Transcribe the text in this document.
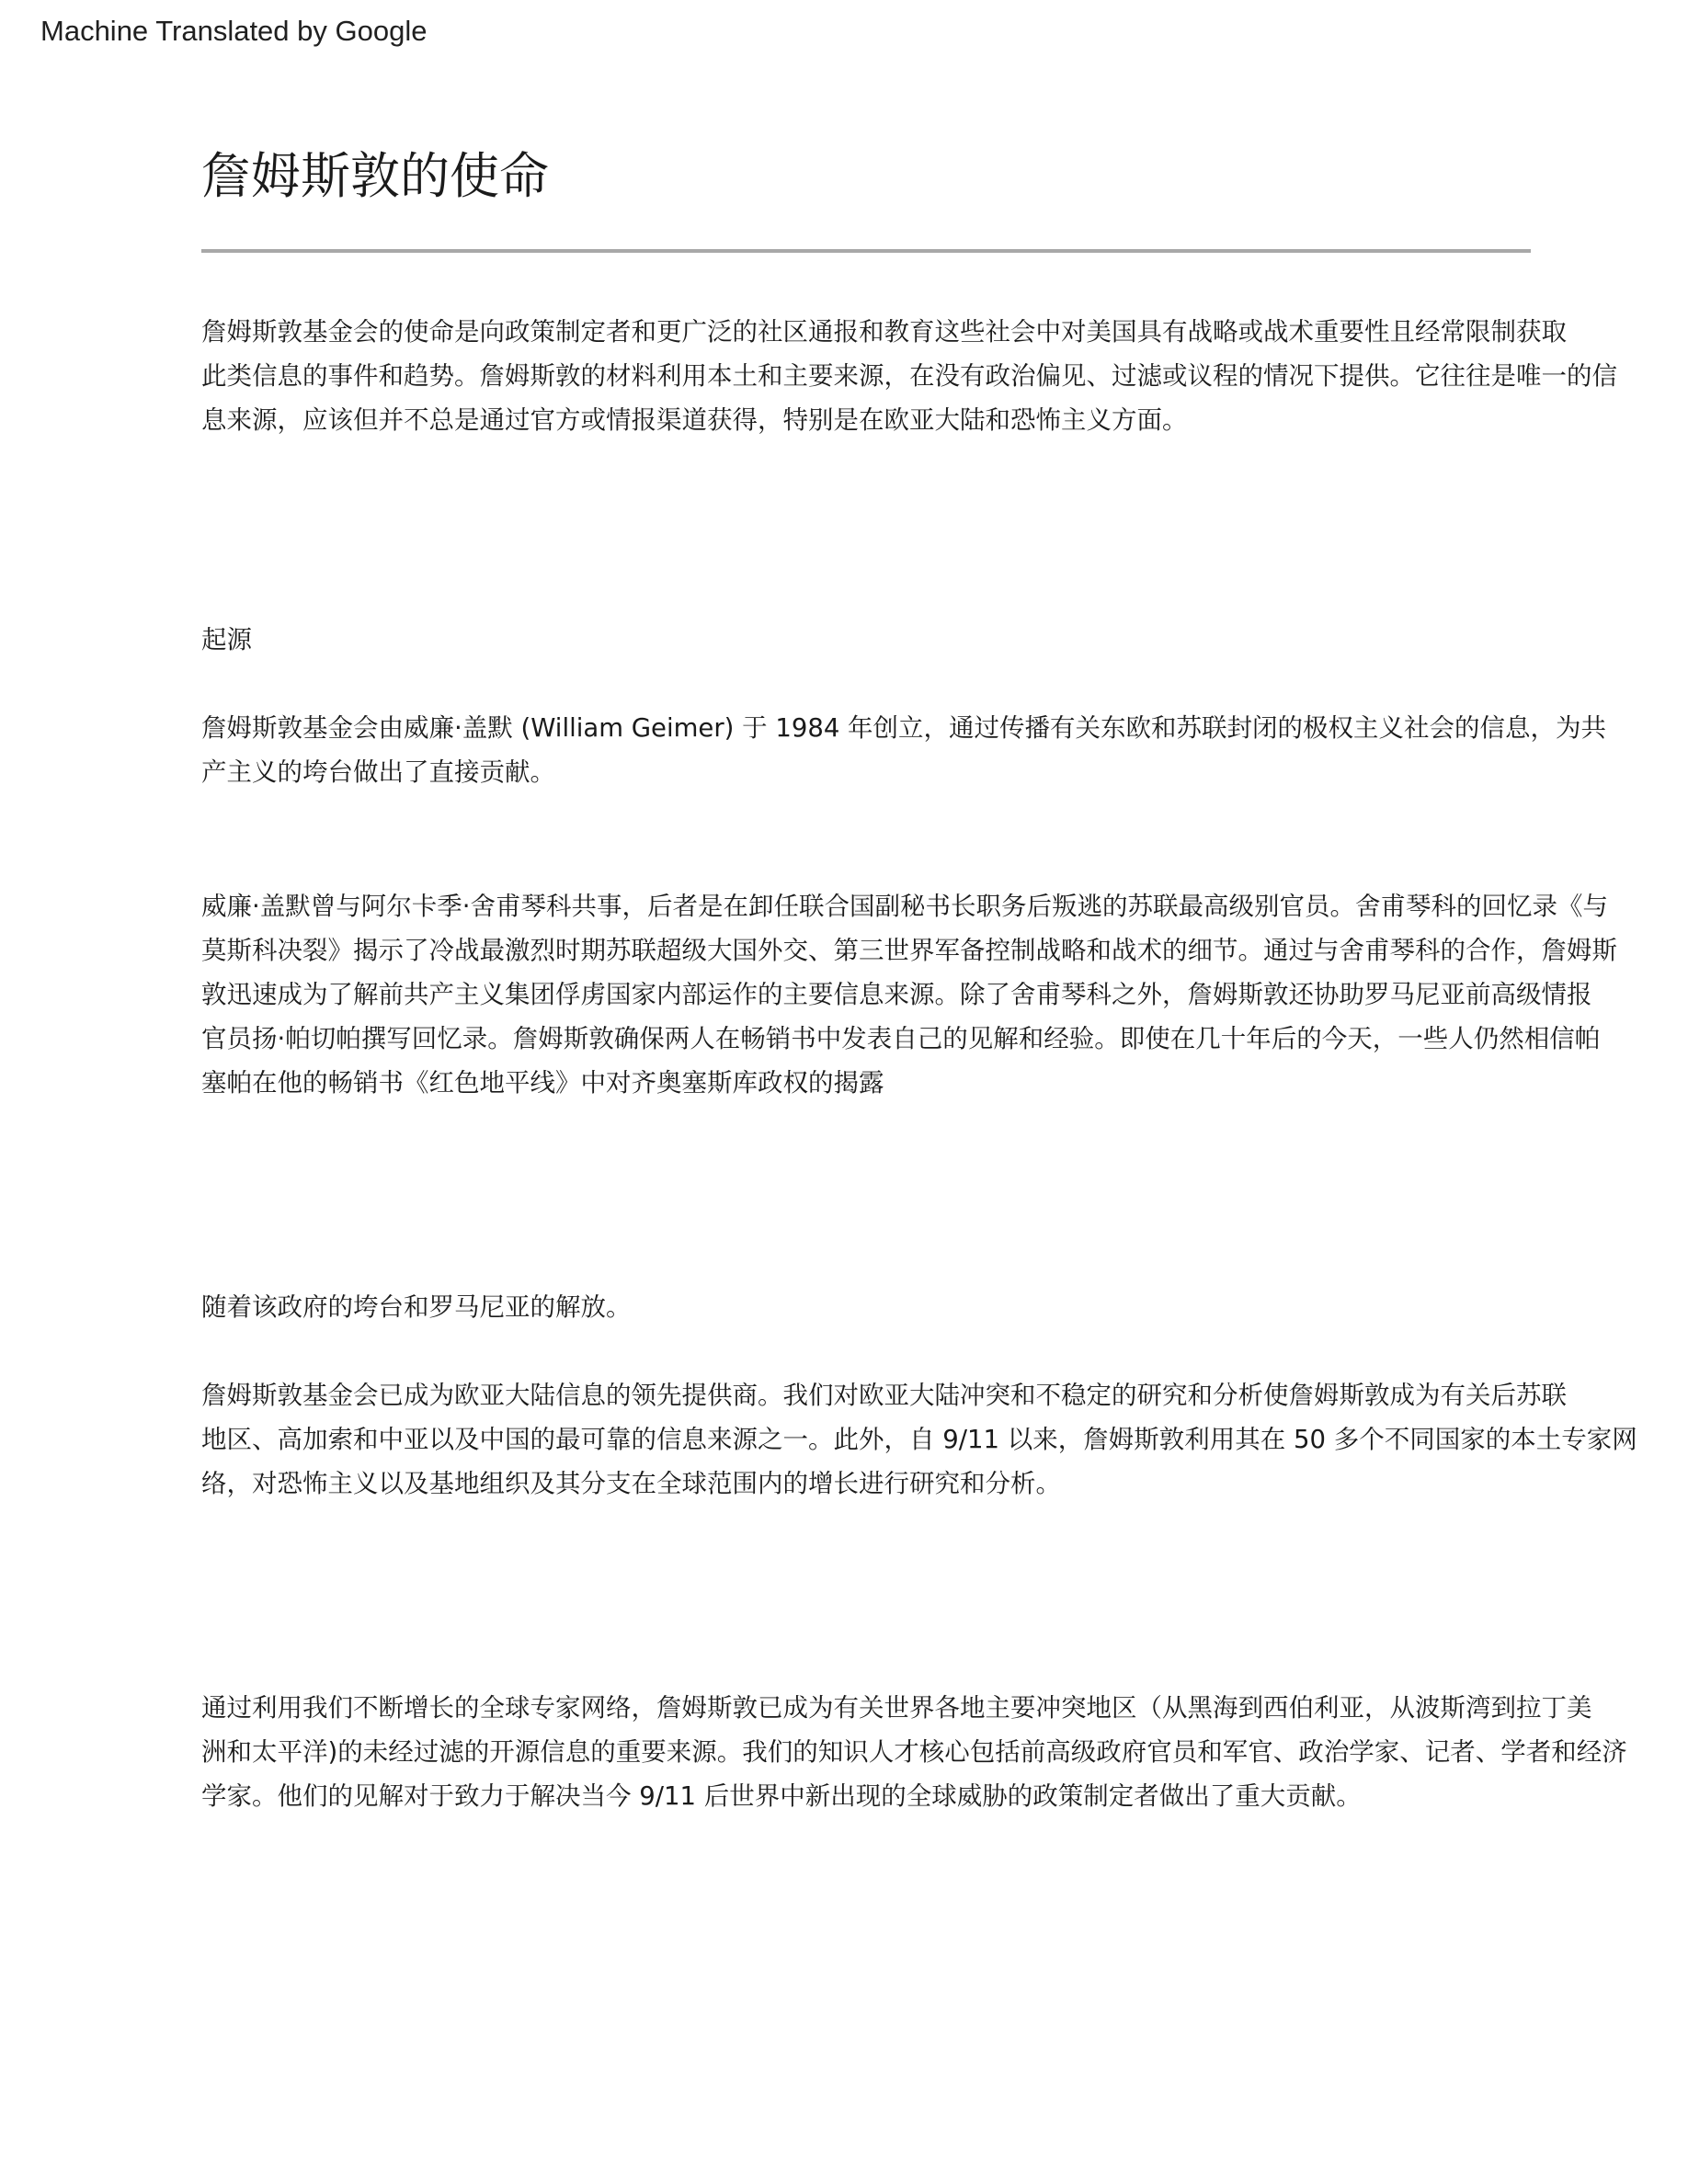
Machine Translated by Google
詹姆斯敦的使命

詹姆斯敦基金会的使命是向政策制定者和更广泛的社区通报和教育这些社会中对美国具有战略或战术重要性且经常限制获取
此类信息的事件和趋势。詹姆斯敦的材料利用本土和主要来源，在没有政治偏见、过滤或议程的情况下提供。它往往是唯一的信
息来源，应该但并不总是通过官方或情报渠道获得，特别是在欧亚大陆和恐怖主义方面。

起源

詹姆斯敦基金会由威廉·盖默 (William Geimer) 于 1984 年创立，通过传播有关东欧和苏联封闭的极权主义社会的信息，为共
产主义的垮台做出了直接贡献。

威廉·盖默曾与阿尔卡季·舍甫琴科共事，后者是在卸任联合国副秘书长职务后叛逃的苏联最高级别官员。舍甫琴科的回忆录《与
莫斯科决裂》揭示了冷战最激烈时期苏联超级大国外交、第三世界军备控制战略和战术的细节。通过与舍甫琴科的合作，詹姆斯
敦迅速成为了解前共产主义集团俘虏国家内部运作的主要信息来源。除了舍甫琴科之外，詹姆斯敦还协助罗马尼亚前高级情报
官员扬·帕切帕撰写回忆录。詹姆斯敦确保两人在畅销书中发表自己的见解和经验。即使在几十年后的今天，一些人仍然相信帕
塞帕在他的畅销书《红色地平线》中对齐奥塞斯库政权的揭露

随着该政府的垮台和罗马尼亚的解放。

詹姆斯敦基金会已成为欧亚大陆信息的领先提供商。我们对欧亚大陆冲突和不稳定的研究和分析使詹姆斯敦成为有关后苏联
地区、高加索和中亚以及中国的最可靠的信息来源之一。此外，自 9/11 以来，詹姆斯敦利用其在 50 多个不同国家的本土专家网
络，对恐怖主义以及基地组织及其分支在全球范围内的增长进行研究和分析。

通过利用我们不断增长的全球专家网络，詹姆斯敦已成为有关世界各地主要冲突地区（从黑海到西伯利亚，从波斯湾到拉丁美
洲和太平洋)的未经过滤的开源信息的重要来源。我们的知识人才核心包括前高级政府官员和军官、政治学家、记者、学者和经济
学家。他们的见解对于致力于解决当今 9/11 后世界中新出现的全球威胁的政策制定者做出了重大贡献。
